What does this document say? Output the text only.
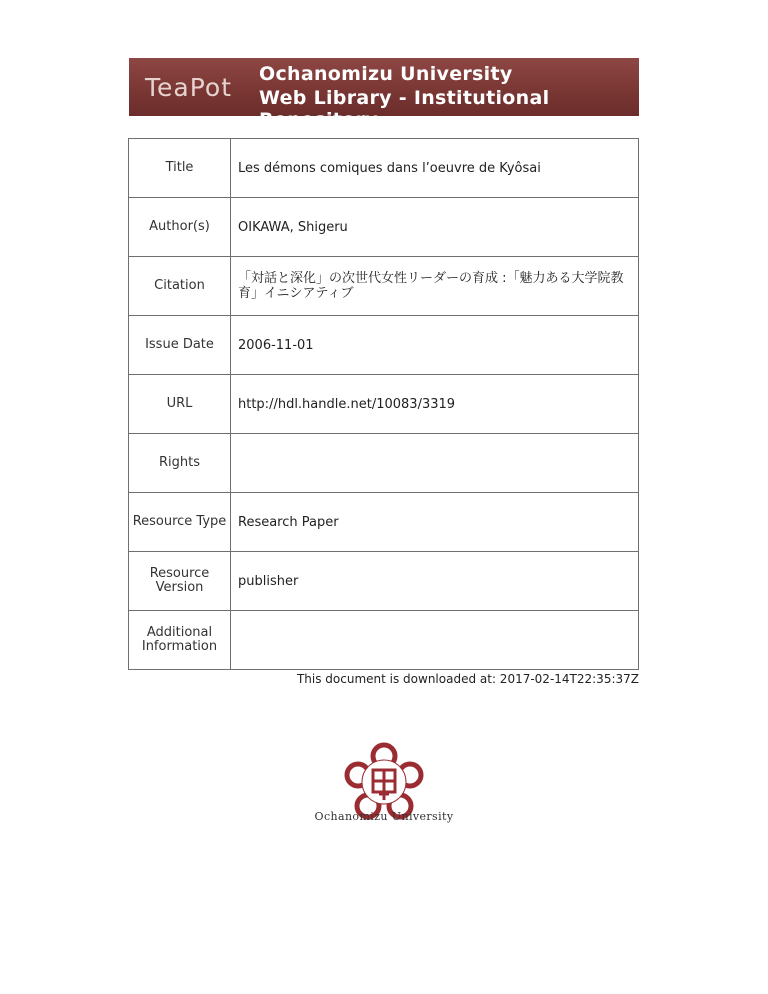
TeaPot Ochanomizu University
Web Library - Institutional Repository
Title	Les démons comiques dans l’oeuvre de Kyôsai
Author(s)	OIKAWA, Shigeru
Citation	「対話と深化」の次世代女性リーダーの育成 :「魅力ある大学院教育」イニシアティブ
Issue Date	2006-11-01
URL	http://hdl.handle.net/10083/3319
Rights	
Resource Type	Research Paper
Resource Version	publisher
Additional Information	
This document is downloaded at: 2017-02-14T22:35:37Z
Ochanomizu University
